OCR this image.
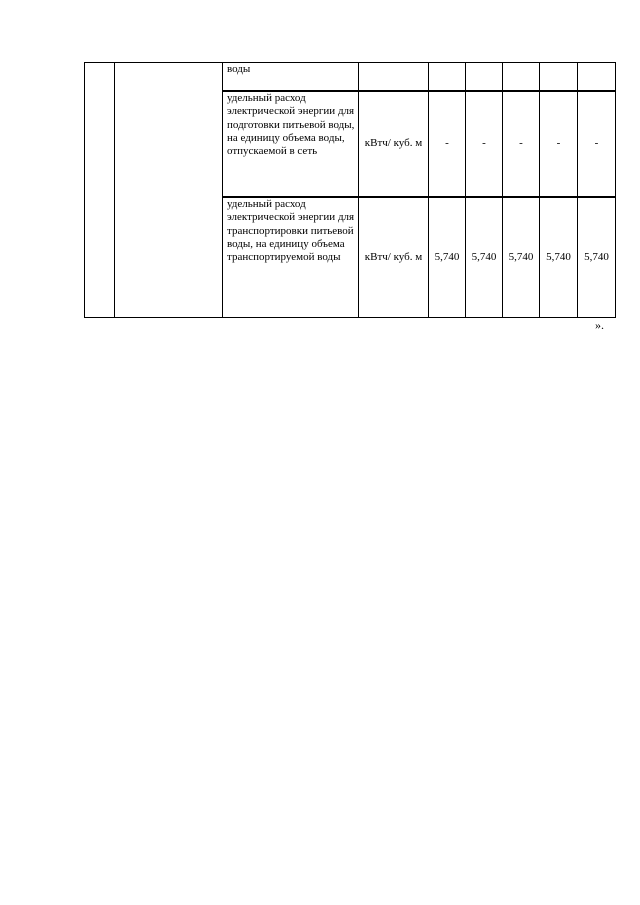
		воды						
		удельный расход электрической энергии для подготовки питьевой воды, на единицу объема воды, отпускаемой в сеть	кВтч/ куб. м	-	-	-	-	-
		удельный расход электрической энергии для транспортировки питьевой воды, на единицу объема транспортируемой воды	кВтч/ куб. м	5,740	5,740	5,740	5,740	5,740
».
